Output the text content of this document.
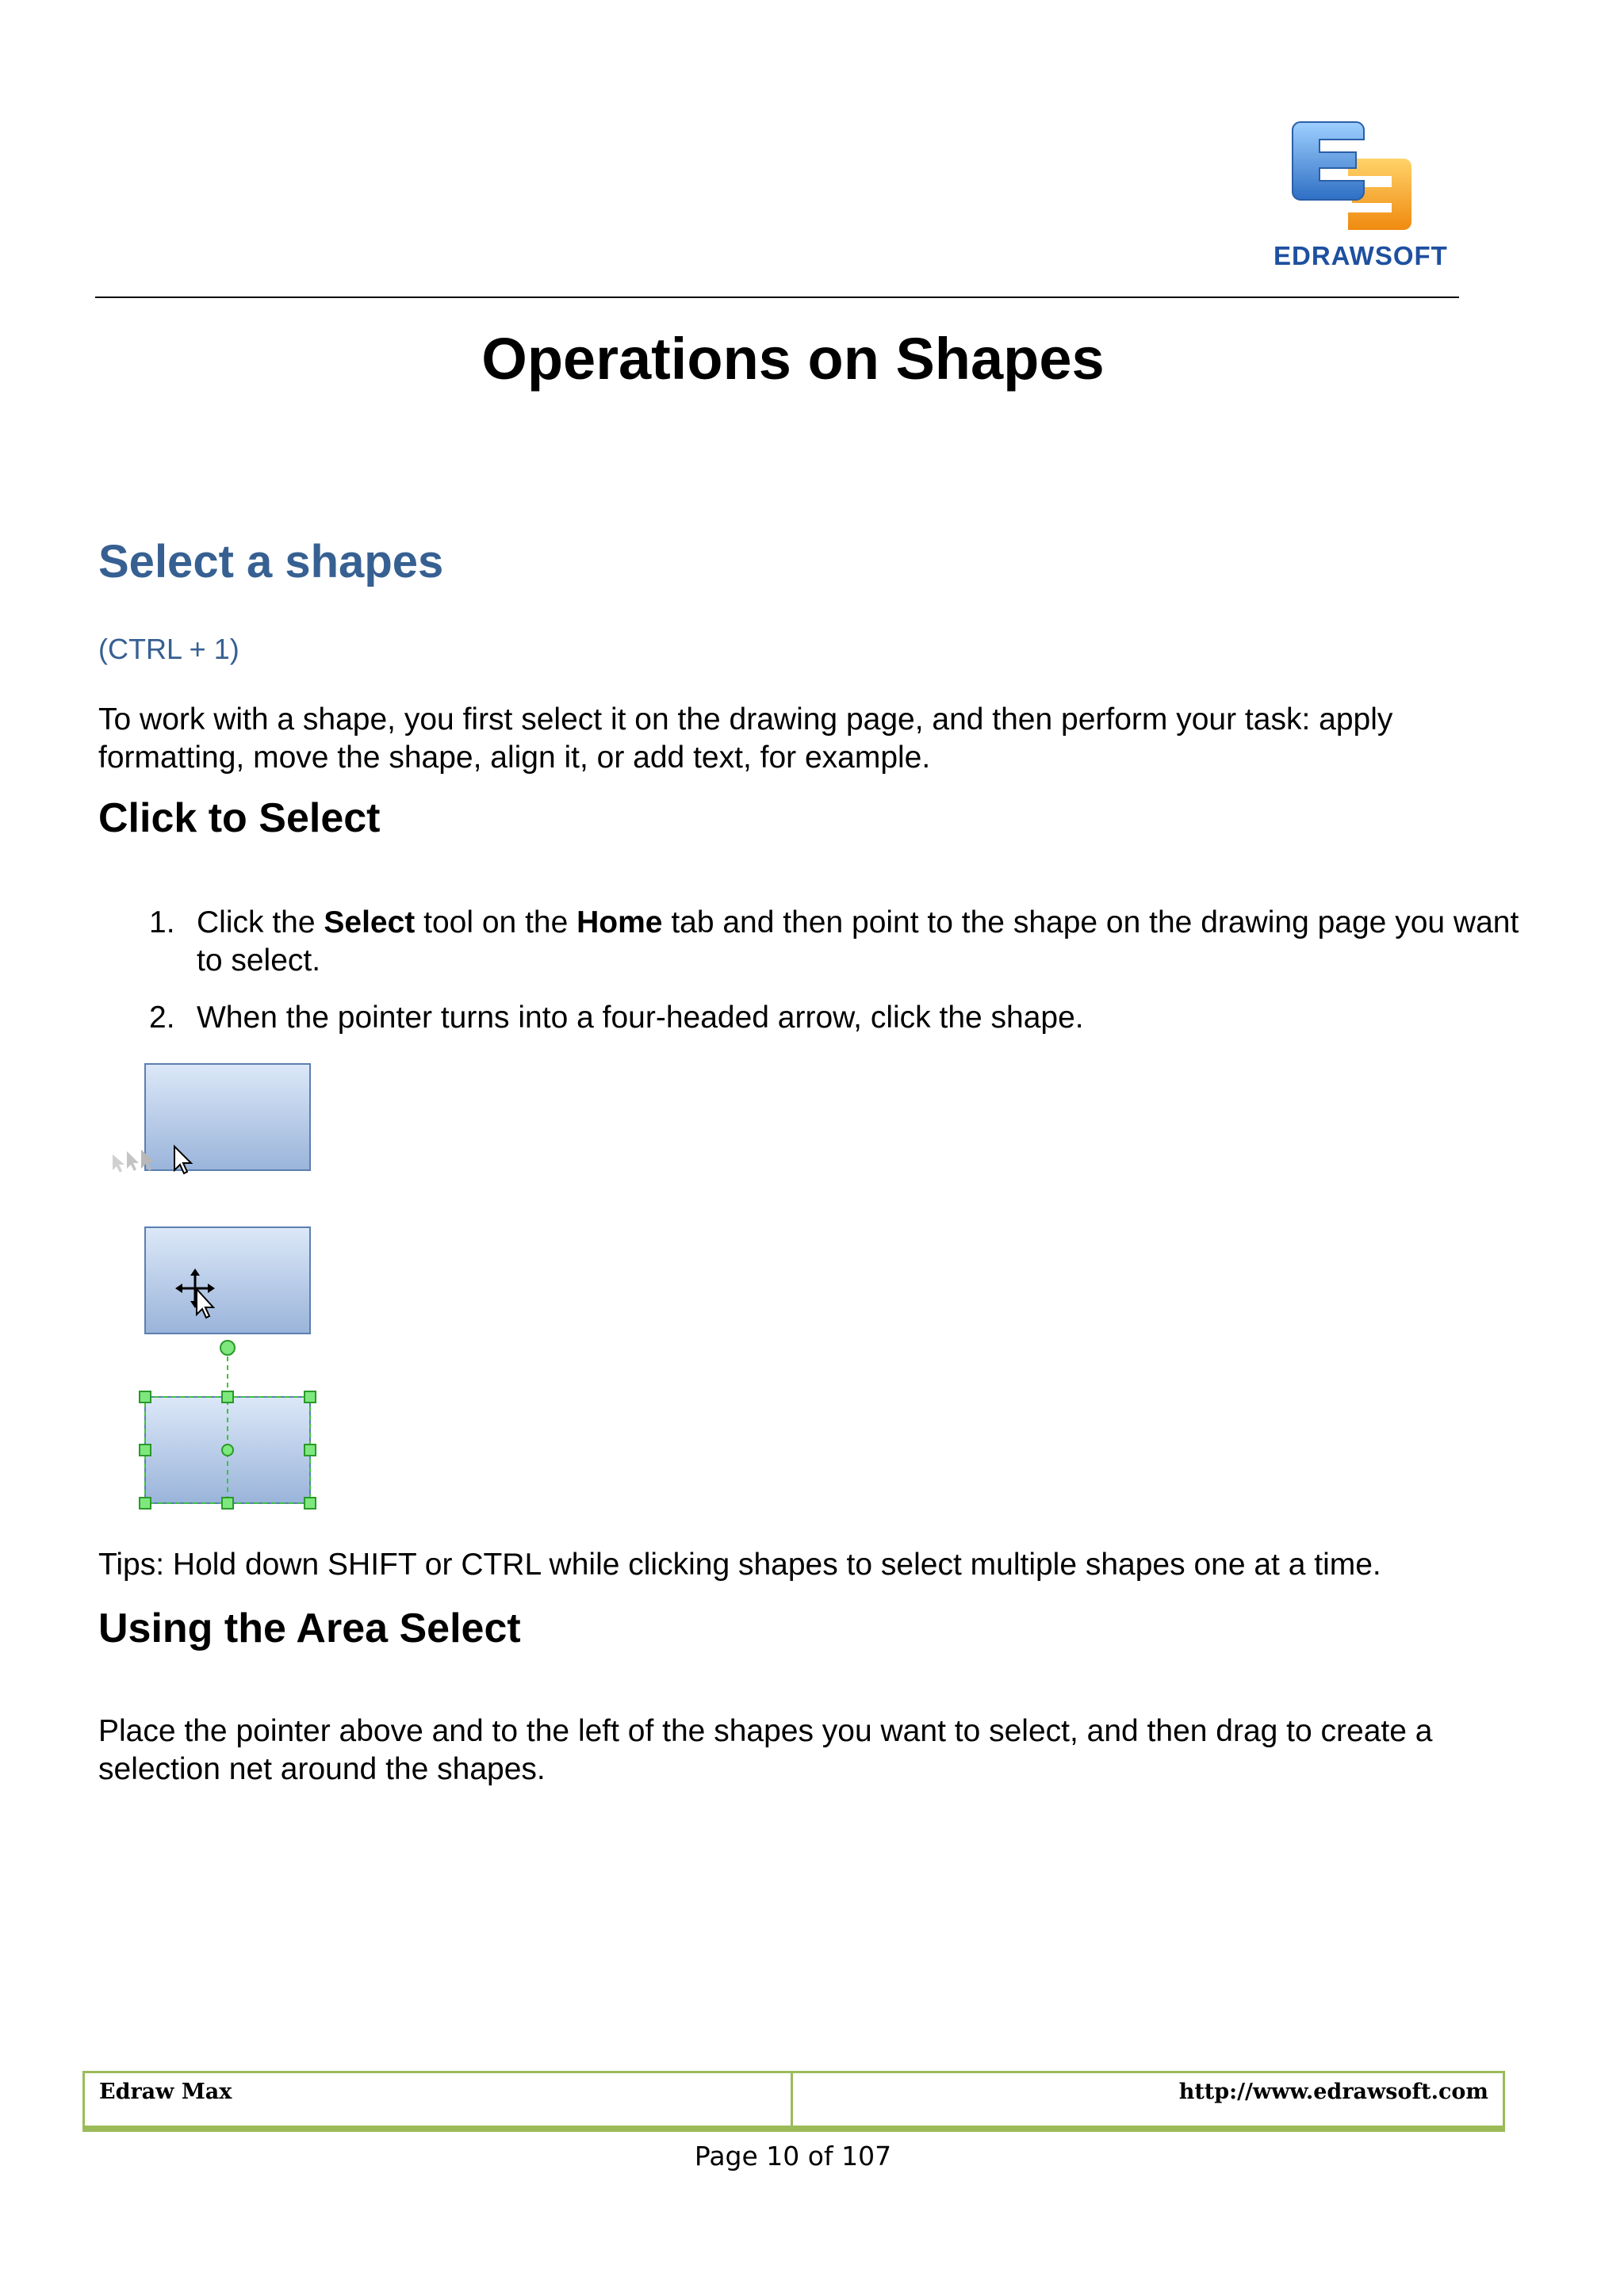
EDRAWSOFT
Operations on Shapes
Select a shapes
(CTRL + 1)
To work with a shape, you first select it on the drawing page, and then perform your task: apply formatting, move the shape, align it, or add text, for example.
Click to Select
1. Click the Select tool on the Home tab and then point to the shape on the drawing page you want to select.
2. When the pointer turns into a four-headed arrow, click the shape.
Tips: Hold down SHIFT or CTRL while clicking shapes to select multiple shapes one at a time.
Using the Area Select
Place the pointer above and to the left of the shapes you want to select, and then drag to create a selection net around the shapes.
Edraw Max	http://www.edrawsoft.com
Page 10 of 107
